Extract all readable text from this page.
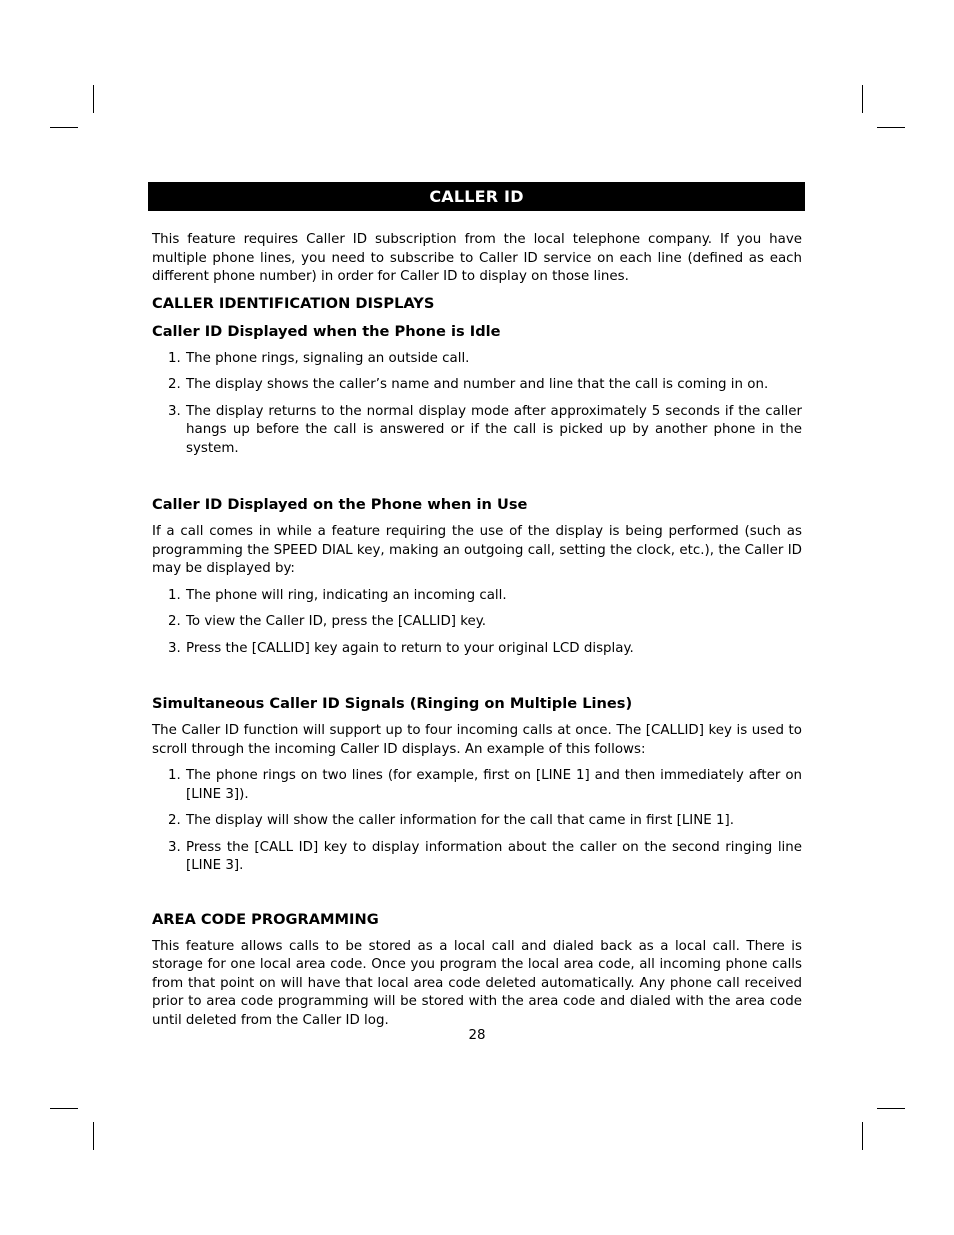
CALLER ID

This feature requires Caller ID subscription from the local telephone company. If you have multiple phone lines, you need to subscribe to Caller ID service on each line (defined as each different phone number) in order for Caller ID to display on those lines.

CALLER IDENTIFICATION DISPLAYS
Caller ID Displayed when the Phone is Idle
1. The phone rings, signaling an outside call.
2. The display shows the caller’s name and number and line that the call is coming in on.
3. The display returns to the normal display mode after approximately 5 seconds if the caller hangs up before the call is answered or if the call is picked up by another phone in the system.
Caller ID Displayed on the Phone when in Use

If a call comes in while a feature requiring the use of the display is being performed (such as programming the SPEED DIAL key, making an outgoing call, setting the clock, etc.), the Caller ID may be displayed by:

1. The phone will ring, indicating an incoming call.
2. To view the Caller ID, press the [CALLID] key.
3. Press the [CALLID] key again to return to your original LCD display.
Simultaneous Caller ID Signals (Ringing on Multiple Lines)

The Caller ID function will support up to four incoming calls at once. The [CALLID] key is used to scroll through the incoming Caller ID displays. An example of this follows:

1. The phone rings on two lines (for example, first on [LINE 1] and then immediately after on [LINE 3]).
2. The display will show the caller information for the call that came in first [LINE 1].
3. Press the [CALL ID] key to display information about the caller on the second ringing line [LINE 3].
AREA CODE PROGRAMMING

This feature allows calls to be stored as a local call and dialed back as a local call. There is storage for one local area code. Once you program the local area code, all incoming phone calls from that point on will have that local area code deleted automatically. Any phone call received prior to area code programming will be stored with the area code and dialed with the area code until deleted from the Caller ID log.

28
